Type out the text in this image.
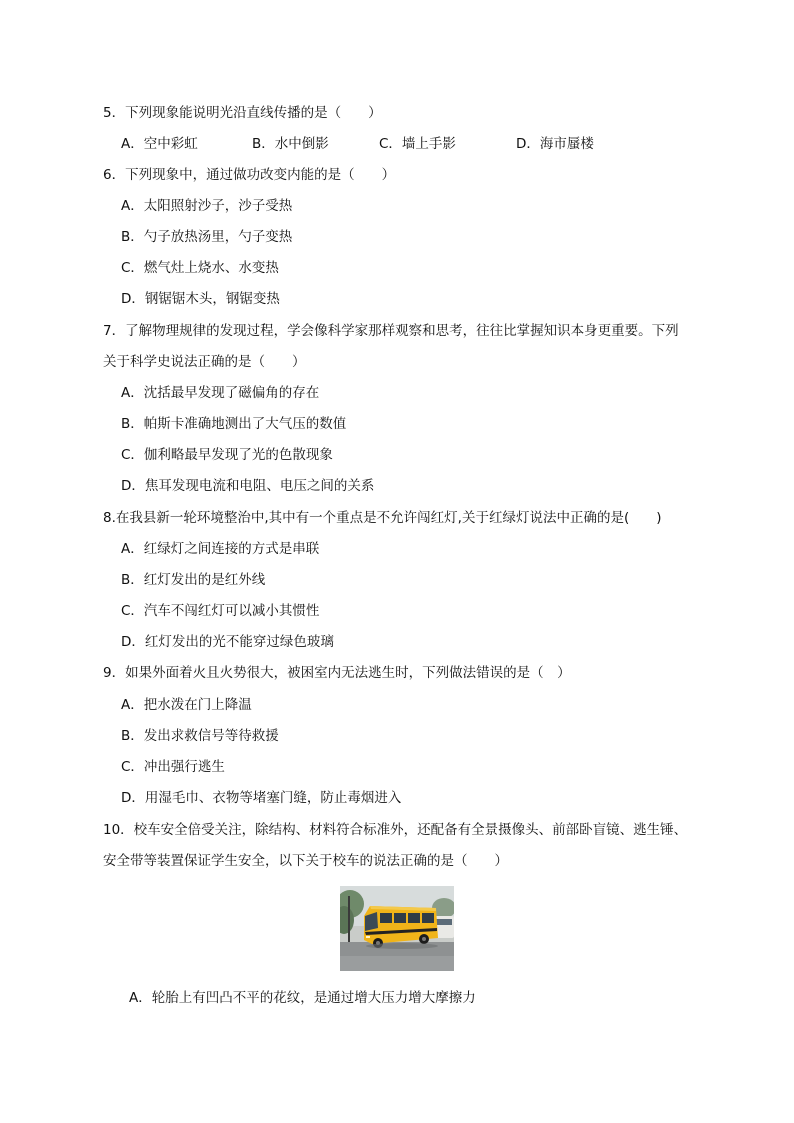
5．下列现象能说明光沿直线传播的是（　　）
A．空中彩虹	B．水中倒影	C．墙上手影	D．海市蜃楼
6．下列现象中，通过做功改变内能的是（　　）
A．太阳照射沙子，沙子受热
B．勺子放热汤里，勺子变热
C．燃气灶上烧水、水变热
D．钢锯锯木头，钢锯变热
7．了解物理规律的发现过程，学会像科学家那样观察和思考，往往比掌握知识本身更重要。下列
关于科学史说法正确的是（　　）
A．沈括最早发现了磁偏角的存在
B．帕斯卡准确地测出了大气压的数值
C．伽利略最早发现了光的色散现象
D．焦耳发现电流和电阻、电压之间的关系
8.在我县新一轮环境整治中,其中有一个重点是不允许闯红灯,关于红绿灯说法中正确的是(　　)
A．红绿灯之间连接的方式是串联
B．红灯发出的是红外线
C．汽车不闯红灯可以减小其惯性
D．红灯发出的光不能穿过绿色玻璃
9．如果外面着火且火势很大，被困室内无法逃生时，下列做法错误的是（　）
A．把水泼在门上降温
B．发出求救信号等待救援
C．冲出强行逃生
D．用湿毛巾、衣物等堵塞门缝，防止毒烟进入
10．校车安全倍受关注，除结构、材料符合标准外，还配备有全景摄像头、前部卧盲镜、逃生锤、
安全带等装置保证学生安全，以下关于校车的说法正确的是（　　）
A．轮胎上有凹凸不平的花纹，是通过增大压力增大摩擦力
